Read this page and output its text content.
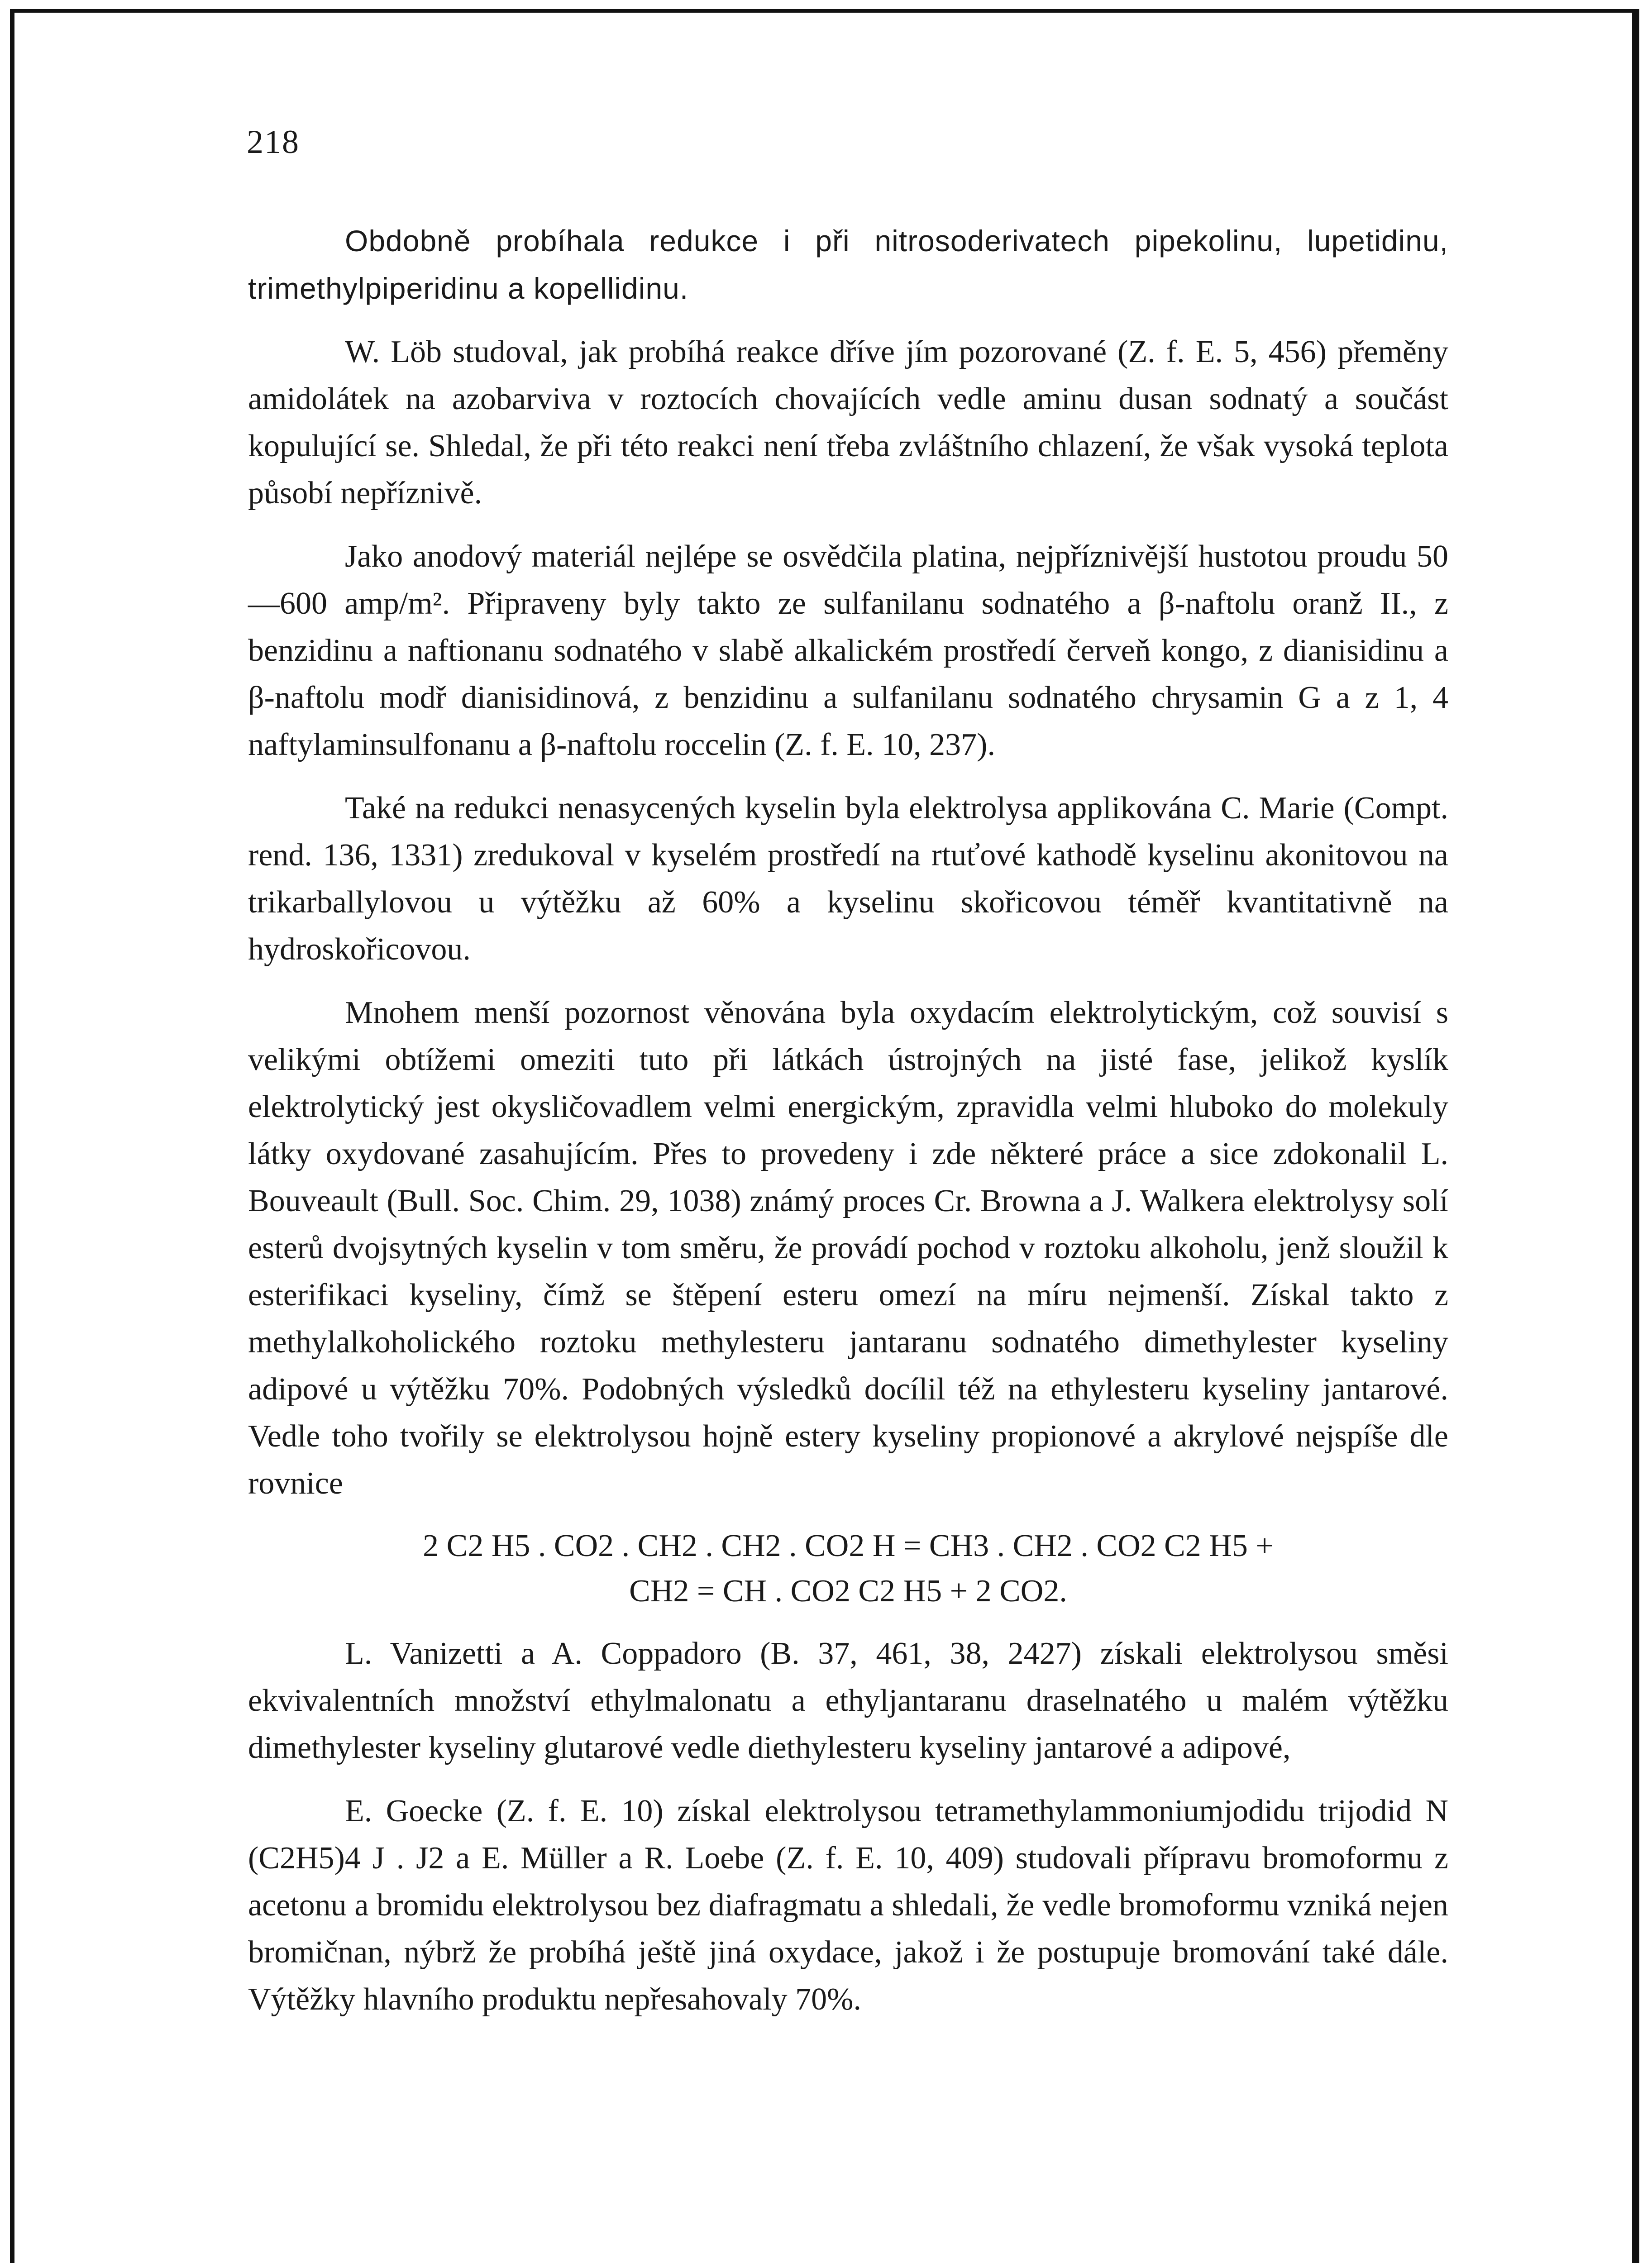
218

Obdobně probíhala redukce i při nitrosoderivatech pipekolinu, lupetidinu, trimethylpiperidinu a kopellidinu.

W. Löb studoval, jak probíhá reakce dříve jím pozorované (Z. f. E. 5, 456) přeměny amidolátek na azobarviva v roztocích chovajících vedle aminu dusan sodnatý a součást kopulující se. Shledal, že při této reakci není třeba zvláštního chlazení, že však vysoká teplota působí nepříznivě.

Jako anodový materiál nejlépe se osvědčila platina, nejpříznivější hustotou proudu 50—600 amp/m². Připraveny byly takto ze sulfanilanu sodnatého a β-naftolu oranž II., z benzidinu a naftionanu sodnatého v slabě alkalickém prostředí červeň kongo, z dianisidinu a β-naftolu modř dianisidinová, z benzidinu a sulfanilanu sodnatého chrysamin G a z 1, 4 naftylaminsulfonanu a β-naftolu roccelin (Z. f. E. 10, 237).

Také na redukci nenasycených kyselin byla elektrolysa applikována C. Marie (Compt. rend. 136, 1331) zredukoval v kyselém prostředí na rtuťové kathodě kyselinu akonitovou na trikarballylovou u výtěžku až 60% a kyselinu skořicovou téměř kvantitativně na hydroskořicovou.

Mnohem menší pozornost věnována byla oxydacím elektrolytickým, což souvisí s velikými obtížemi omeziti tuto při látkách ústrojných na jisté fase, jelikož kyslík elektrolytický jest okysličovadlem velmi energickým, zpravidla velmi hluboko do molekuly látky oxydované zasahujícím. Přes to provedeny i zde některé práce a sice zdokonalil L. Bouveault (Bull. Soc. Chim. 29, 1038) známý proces Cr. Browna a J. Walkera elektrolysy solí esterů dvojsytných kyselin v tom směru, že provádí pochod v roztoku alkoholu, jenž sloužil k esterifikaci kyseliny, čímž se štěpení esteru omezí na míru nejmenší. Získal takto z methylalkoholického roztoku methylesteru jantaranu sodnatého dimethylester kyseliny adipové u výtěžku 70%. Podobných výsledků docílil též na ethylesteru kyseliny jantarové. Vedle toho tvořily se elektrolysou hojně estery kyseliny propionové a akrylové nejspíše dle rovnice

2 C2 H5 . CO2 . CH2 . CH2 . CO2 H = CH3 . CH2 . CO2 C2 H5 +
CH2 = CH . CO2 C2 H5 + 2 CO2.

L. Vanizetti a A. Coppadoro (B. 37, 461, 38, 2427) získali elektrolysou směsi ekvivalentních množství ethylmalonatu a ethyljantaranu draselnatého u malém výtěžku dimethylester kyseliny glutarové vedle diethylesteru kyseliny jantarové a adipové,

E. Goecke (Z. f. E. 10) získal elektrolysou tetramethylammoniumjodidu trijodid N (C2H5)4 J . J2 a E. Müller a R. Loebe (Z. f. E. 10, 409) studovali přípravu bromoformu z acetonu a bromidu elektrolysou bez diafragmatu a shledali, že vedle bromoformu vzniká nejen bromičnan, nýbrž že probíhá ještě jiná oxydace, jakož i že postupuje bromování také dále. Výtěžky hlavního produktu nepřesahovaly 70%.
